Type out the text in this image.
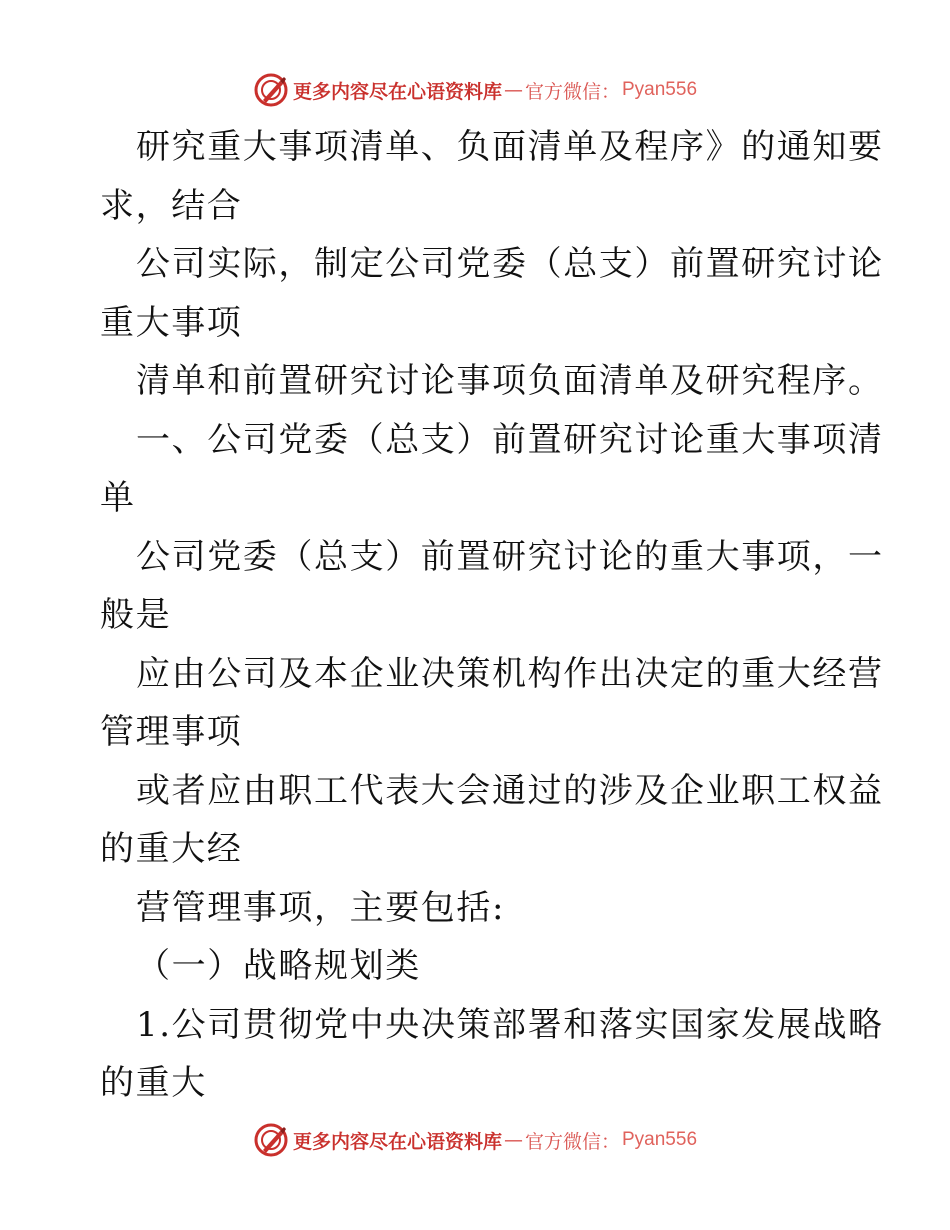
更多内容尽在心语资料库 — 官方微信： Pyan556
研究重大事项清单、负面清单及程序》的通知要
求，结合
公司实际，制定公司党委（总支）前置研究讨论
重大事项
清单和前置研究讨论事项负面清单及研究程序。
一、公司党委（总支）前置研究讨论重大事项清
单
公司党委（总支）前置研究讨论的重大事项，一
般是
应由公司及本企业决策机构作出决定的重大经营
管理事项
或者应由职工代表大会通过的涉及企业职工权益
的重大经
营管理事项，主要包括:
（一）战略规划类
1.公司贯彻党中央决策部署和落实国家发展战略
的重大
更多内容尽在心语资料库 — 官方微信： Pyan556
